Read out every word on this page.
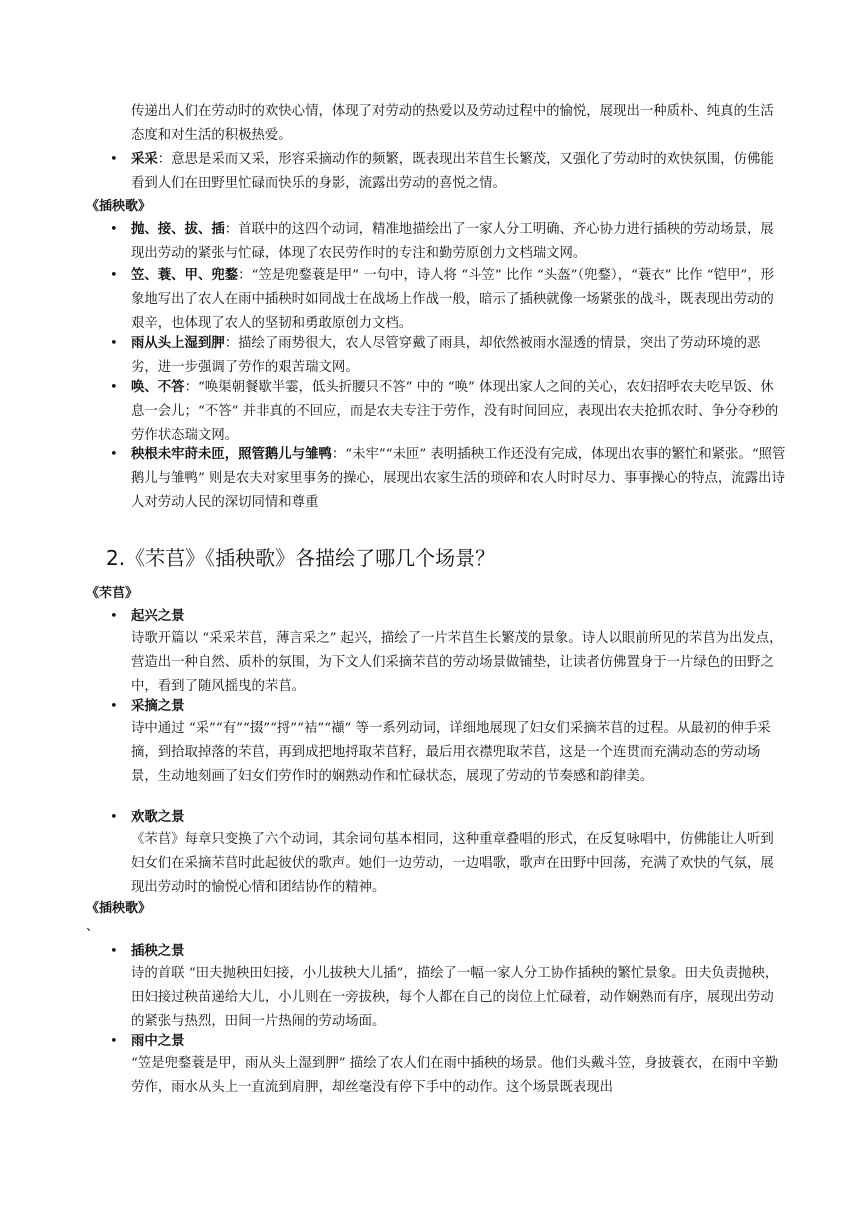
传递出人们在劳动时的欢快心情，体现了对劳动的热爱以及劳动过程中的愉悦，展现出一种质朴、纯真的生活态度和对生活的积极热爱。

• 采采：意思是采而又采，形容采摘动作的频繁，既表现出芣苢生长繁茂，又强化了劳动时的欢快氛围，仿佛能看到人们在田野里忙碌而快乐的身影，流露出劳动的喜悦之情。

《插秧歌》
• 抛、接、拔、插：首联中的这四个动词，精准地描绘出了一家人分工明确、齐心协力进行插秧的劳动场景，展现出劳动的紧张与忙碌，体现了农民劳作时的专注和勤劳原创力文档瑞文网。

• 笠、蓑、甲、兜鍪：“笠是兜鍪蓑是甲” 一句中，诗人将 “斗笠” 比作 “头盔”（兜鍪），“蓑衣” 比作 “铠甲”，形象地写出了农人在雨中插秧时如同战士在战场上作战一般，暗示了插秧就像一场紧张的战斗，既表现出劳动的艰辛，也体现了农人的坚韧和勇敢原创力文档。

• 雨从头上湿到胛：描绘了雨势很大，农人尽管穿戴了雨具，却依然被雨水湿透的情景，突出了劳动环境的恶劣，进一步强调了劳作的艰苦瑞文网。

• 唤、不答：“唤渠朝餐歇半霎，低头折腰只不答” 中的 “唤” 体现出家人之间的关心，农妇招呼农夫吃早饭、休息一会儿；“不答” 并非真的不回应，而是农夫专注于劳作，没有时间回应，表现出农夫抢抓农时、争分夺秒的劳作状态瑞文网。

• 秧根未牢莳未匝，照管鹅儿与雏鸭：“未牢”“未匝” 表明插秧工作还没有完成，体现出农事的繁忙和紧张。“照管鹅儿与雏鸭” 则是农夫对家里事务的操心，展现出农家生活的琐碎和农人时时尽力、事事操心的特点，流露出诗人对劳动人民的深切同情和尊重

2.《芣苢》《插秧歌》各描绘了哪几个场景？
《芣苢》
• 起兴之景

诗歌开篇以 “采采芣苢，薄言采之” 起兴，描绘了一片芣苢生长繁茂的景象。诗人以眼前所见的芣苢为出发点，营造出一种自然、质朴的氛围，为下文人们采摘芣苢的劳动场景做铺垫，让读者仿佛置身于一片绿色的田野之中，看到了随风摇曳的芣苢。

• 采摘之景

诗中通过 “采”“有”“掇”“捋”“袺”“襭” 等一系列动词，详细地展现了妇女们采摘芣苢的过程。从最初的伸手采摘，到拾取掉落的芣苢，再到成把地捋取芣苢籽，最后用衣襟兜取芣苢，这是一个连贯而充满动态的劳动场景，生动地刻画了妇女们劳作时的娴熟动作和忙碌状态，展现了劳动的节奏感和韵律美。

• 欢歌之景

《芣苢》每章只变换了六个动词，其余词句基本相同，这种重章叠唱的形式，在反复咏唱中，仿佛能让人听到妇女们在采摘芣苢时此起彼伏的歌声。她们一边劳动，一边唱歌，歌声在田野中回荡，充满了欢快的气氛，展现出劳动时的愉悦心情和团结协作的精神。

《插秧歌》
、
• 插秧之景

诗的首联 “田夫抛秧田妇接，小儿拔秧大儿插”，描绘了一幅一家人分工协作插秧的繁忙景象。田夫负责抛秧，田妇接过秧苗递给大儿，小儿则在一旁拔秧，每个人都在自己的岗位上忙碌着，动作娴熟而有序，展现出劳动的紧张与热烈，田间一片热闹的劳动场面。

• 雨中之景

“笠是兜鍪蓑是甲，雨从头上湿到胛” 描绘了农人们在雨中插秧的场景。他们头戴斗笠，身披蓑衣，在雨中辛勤劳作，雨水从头上一直流到肩胛，却丝毫没有停下手中的动作。这个场景既表现出
